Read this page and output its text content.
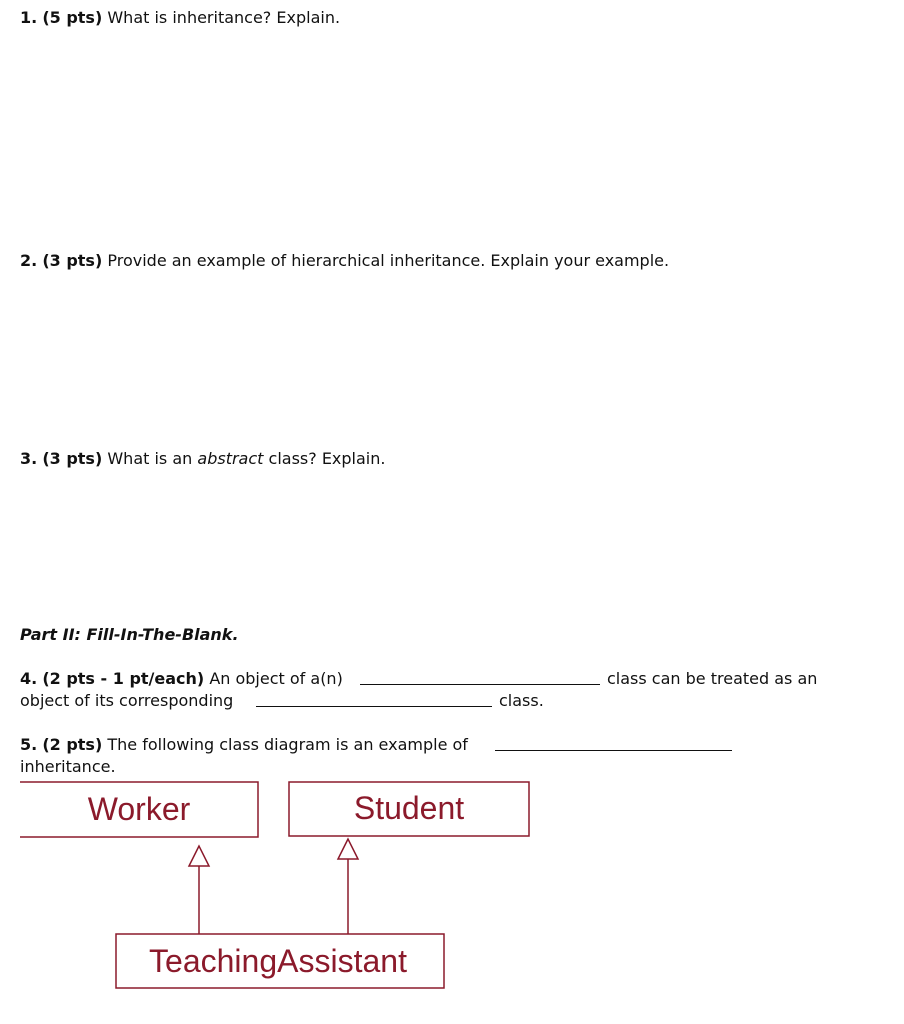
1. (5 pts) What is inheritance? Explain.
2. (3 pts) Provide an example of hierarchical inheritance. Explain your example.
3. (3 pts) What is an abstract class? Explain.
Part II: Fill-In-The-Blank.
4. (2 pts - 1 pt/each) An object of a(n)	class can be treated as an
object of its corresponding	class.
5. (2 pts) The following class diagram is an example of
inheritance.
Worker	Student
TeachingAssistant
